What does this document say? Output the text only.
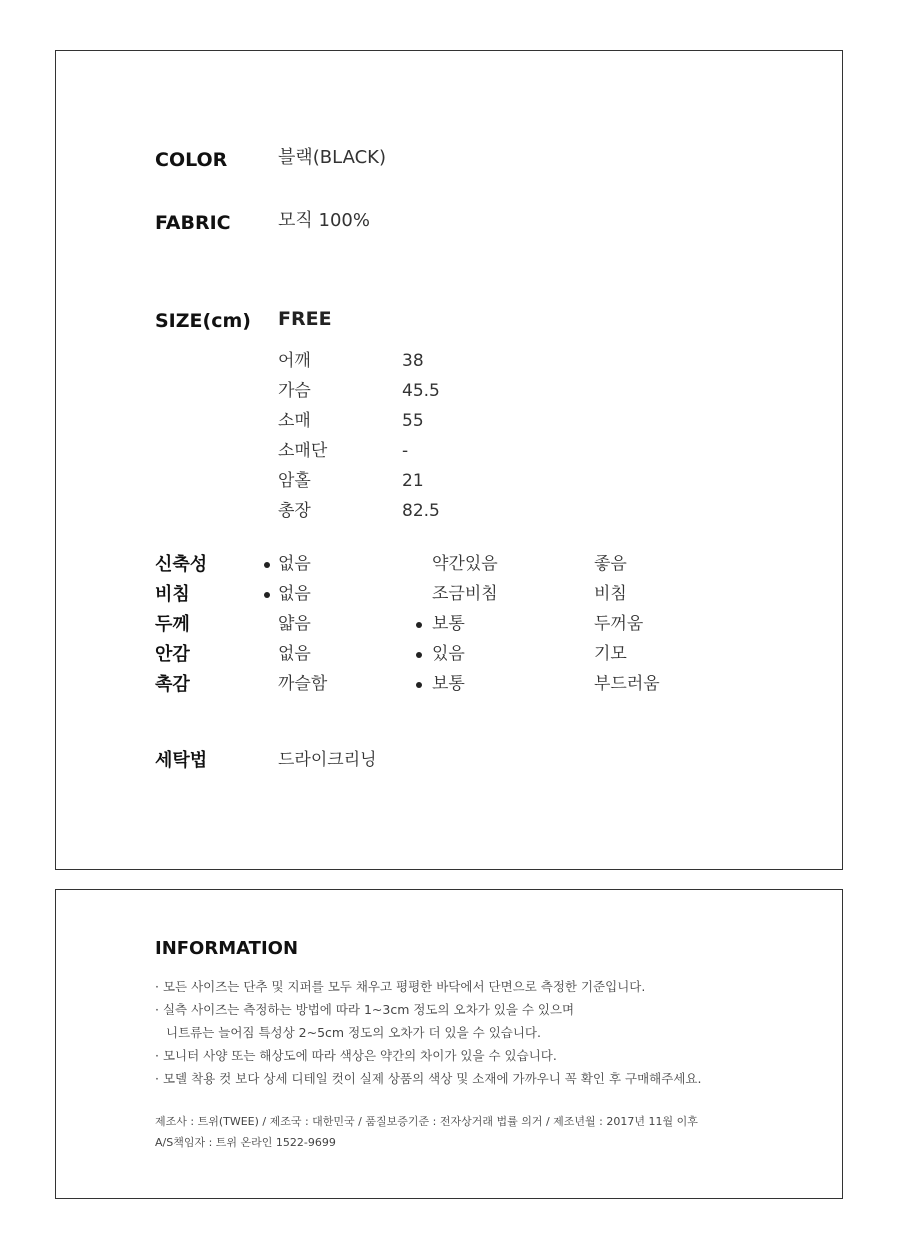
COLOR	블랙(BLACK)
FABRIC	모직 100%
SIZE(cm) FREE
어깨	38
가슴	45.5
소매	55
소매단	-
암홀	21
총장	82.5
신축성	없음	약간있음	좋음
비침	없음	조금비침	비침
두께	얇음	보통	두꺼움
안감	없음	있음	기모
촉감	까슬함	보통	부드러움
세탁법	드라이크리닝
INFORMATION
· 모든 사이즈는 단추 및 지퍼를 모두 채우고 평평한 바닥에서 단면으로 측정한 기준입니다.
· 실측 사이즈는 측정하는 방법에 따라 1~3cm 정도의 오차가 있을 수 있으며
니트류는 늘어짐 특성상 2~5cm 정도의 오차가 더 있을 수 있습니다.
· 모니터 사양 또는 해상도에 따라 색상은 약간의 차이가 있을 수 있습니다.
· 모델 착용 컷 보다 상세 디테일 컷이 실제 상품의 색상 및 소재에 가까우니 꼭 확인 후 구매해주세요.
제조사 : 트위(TWEE) / 제조국 : 대한민국 / 품질보증기준 : 전자상거래 법률 의거 / 제조년월 : 2017년 11월 이후
A/S책임자 : 트위 온라인 1522-9699
